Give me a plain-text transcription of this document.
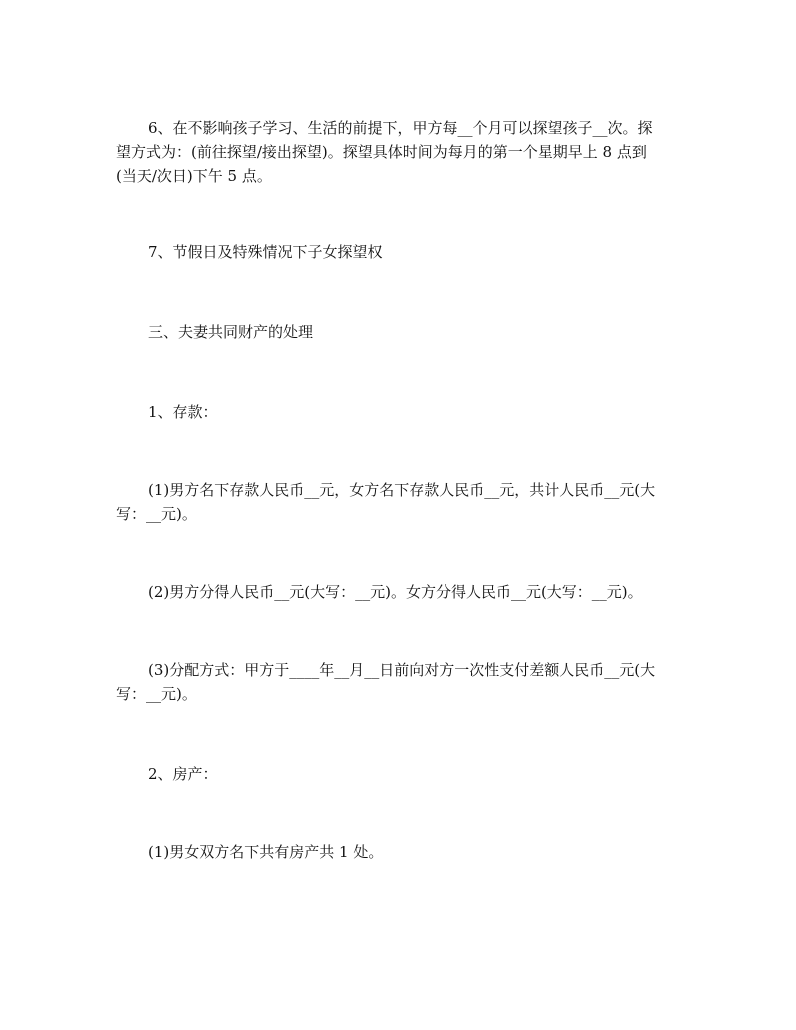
6、在不影响孩子学习、生活的前提下，甲方每__个月可以探望孩子__次。探
望方式为：(前往探望/接出探望)。探望具体时间为每月的第一个星期早上 8 点到
(当天/次日)下午 5 点。

7、节假日及特殊情况下子女探望权

三、夫妻共同财产的处理

1、存款：

(1)男方名下存款人民币__元，女方名下存款人民币__元，共计人民币__元(大
写：__元)。

(2)男方分得人民币__元(大写：__元)。女方分得人民币__元(大写：__元)。

(3)分配方式：甲方于____年__月__日前向对方一次性支付差额人民币__元(大
写：__元)。

2、房产：

(1)男女双方名下共有房产共 1 处。
